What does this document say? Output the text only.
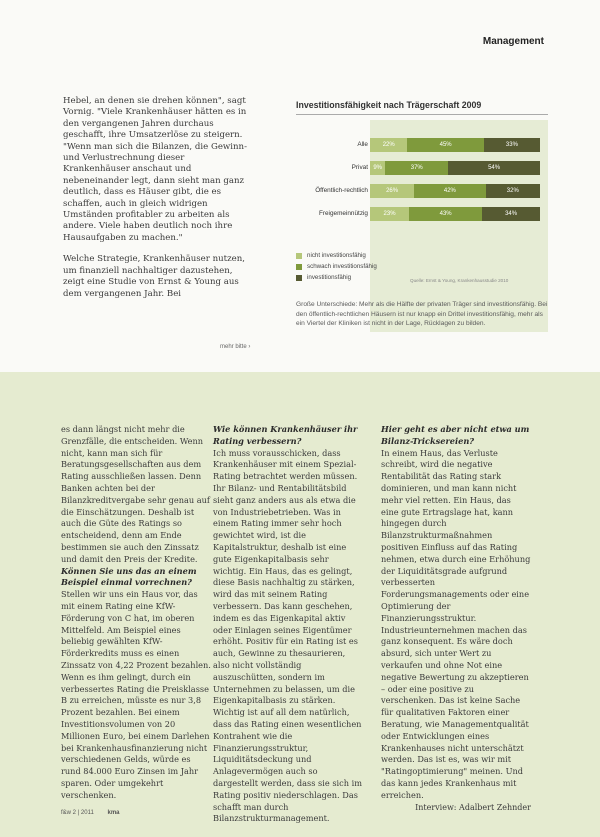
Management

Hebel, an denen sie drehen können", sagt Vornig. "Viele Krankenhäuser hätten es in den vergangenen Jahren durchaus geschafft, ihre Umsatzerlöse zu steigern. "Wenn man sich die Bilanzen, die Gewinn- und Verlustrechnung dieser Krankenhäuser anschaut und nebeneinander legt, dann sieht man ganz deutlich, dass es Häuser gibt, die es schaffen, auch in gleich widrigen Umständen profitabler zu arbeiten als andere. Viele haben deutlich noch ihre Hausaufgaben zu machen."

Welche Strategie, Krankenhäuser nutzen, um finanziell nachhaltiger dazustehen, zeigt eine Studie von Ernst & Young aus dem vergangenen Jahr. Bei

mehr bitte ›
Investitionsfähigkeit nach Trägerschaft 2009
Alle	22%	45%	33%
Privat 9%	37%	54%
Öffentlich-rechtlich	26%	42%	32%
Freigemeinnützig	23%	43%	34%
nicht investitionsfähig
schwach investitionsfähig
investitionsfähig	Quelle: Ernst & Young, Krankenhausstudie 2010
Große Unterschiede: Mehr als die Hälfte der privaten Träger sind investitionsfähig. Bei den öffentlich-rechtlichen Häusern ist nur knapp ein Drittel investitionsfähig, mehr als ein Viertel der Kliniken ist nicht in der Lage, Rücklagen zu bilden.

es dann längst nicht mehr die Grenzfälle, die entscheiden. Wenn nicht, kann man sich für Beratungsgesellschaften aus dem Rating ausschließen lassen. Denn Banken achten bei der Bilanzkreditvergabe sehr genau auf die Einschätzungen. Deshalb ist auch die Güte des Ratings so entscheidend, denn am Ende bestimmen sie auch den Zinssatz und damit den Preis der Kredite.

Können Sie uns das an einem Beispiel einmal vorrechnen?

Stellen wir uns ein Haus vor, das mit einem Rating eine KfW-Förderung von C hat, im oberen Mittelfeld. Am Beispiel eines beliebig gewählten KfW-Förderkredits muss es einen Zinssatz von 4,22 Prozent bezahlen. Wenn es ihm gelingt, durch ein verbessertes Rating die Preisklasse B zu erreichen, müsste es nur 3,8 Prozent bezahlen. Bei einem Investitionsvolumen von 20 Millionen Euro, bei einem Darlehen bei Krankenhausfinanzierung nicht verschiedenen Gelds, würde es rund 84.000 Euro Zinsen im Jahr sparen. Oder umgekehrt verschenken.

Wie können Krankenhäuser ihr Rating verbessern?

Ich muss vorausschicken, dass Krankenhäuser mit einem Spezial-Rating betrachtet werden müssen. Ihr Bilanz- und Rentabilitätsbild sieht ganz anders aus als etwa die von Industriebetrieben. Was in einem Rating immer sehr hoch gewichtet wird, ist die Kapitalstruktur, deshalb ist eine gute Eigenkapitalbasis sehr wichtig. Ein Haus, das es gelingt, diese Basis nachhaltig zu stärken, wird das mit seinem Rating verbessern. Das kann geschehen, indem es das Eigenkapital aktiv oder Einlagen seines Eigentümer erhöht. Positiv für ein Rating ist es auch, Gewinne zu thesaurieren, also nicht vollständig auszuschütten, sondern im Unternehmen zu belassen, um die Eigenkapitalbasis zu stärken. Wichtig ist auf all dem natürlich, dass das Rating einen wesentlichen Kontrahent wie die Finanzierungsstruktur, Liquiditätsdeckung und Anlagevermögen auch so dargestellt werden, dass sie sich im Rating positiv niederschlagen. Das schafft man durch Bilanzstrukturmanagement.

Hier geht es aber nicht etwa um Bilanz-Tricksereien?

In einem Haus, das Verluste schreibt, wird die negative Rentabilität das Rating stark dominieren, und man kann nicht mehr viel retten. Ein Haus, das eine gute Ertragslage hat, kann hingegen durch Bilanzstrukturmaßnahmen positiven Einfluss auf das Rating nehmen, etwa durch eine Erhöhung der Liquiditätsgrade aufgrund verbesserten Forderungsmanagements oder eine Optimierung der Finanzierungsstruktur. Industrieunternehmen machen das ganz konsequent. Es wäre doch absurd, sich unter Wert zu verkaufen und ohne Not eine negative Bewertung zu akzeptieren – oder eine positive zu verschenken. Das ist keine Sache für qualitativen Faktoren einer Beratung, wie Managementqualität oder Entwicklungen eines Krankenhauses nicht unterschätzt werden. Das ist es, was wir mit "Ratingoptimierung" meinen. Und das kann jedes Krankenhaus mit erreichen.

Interview: Adalbert Zehnder

f&w 2 | 2011 kma
